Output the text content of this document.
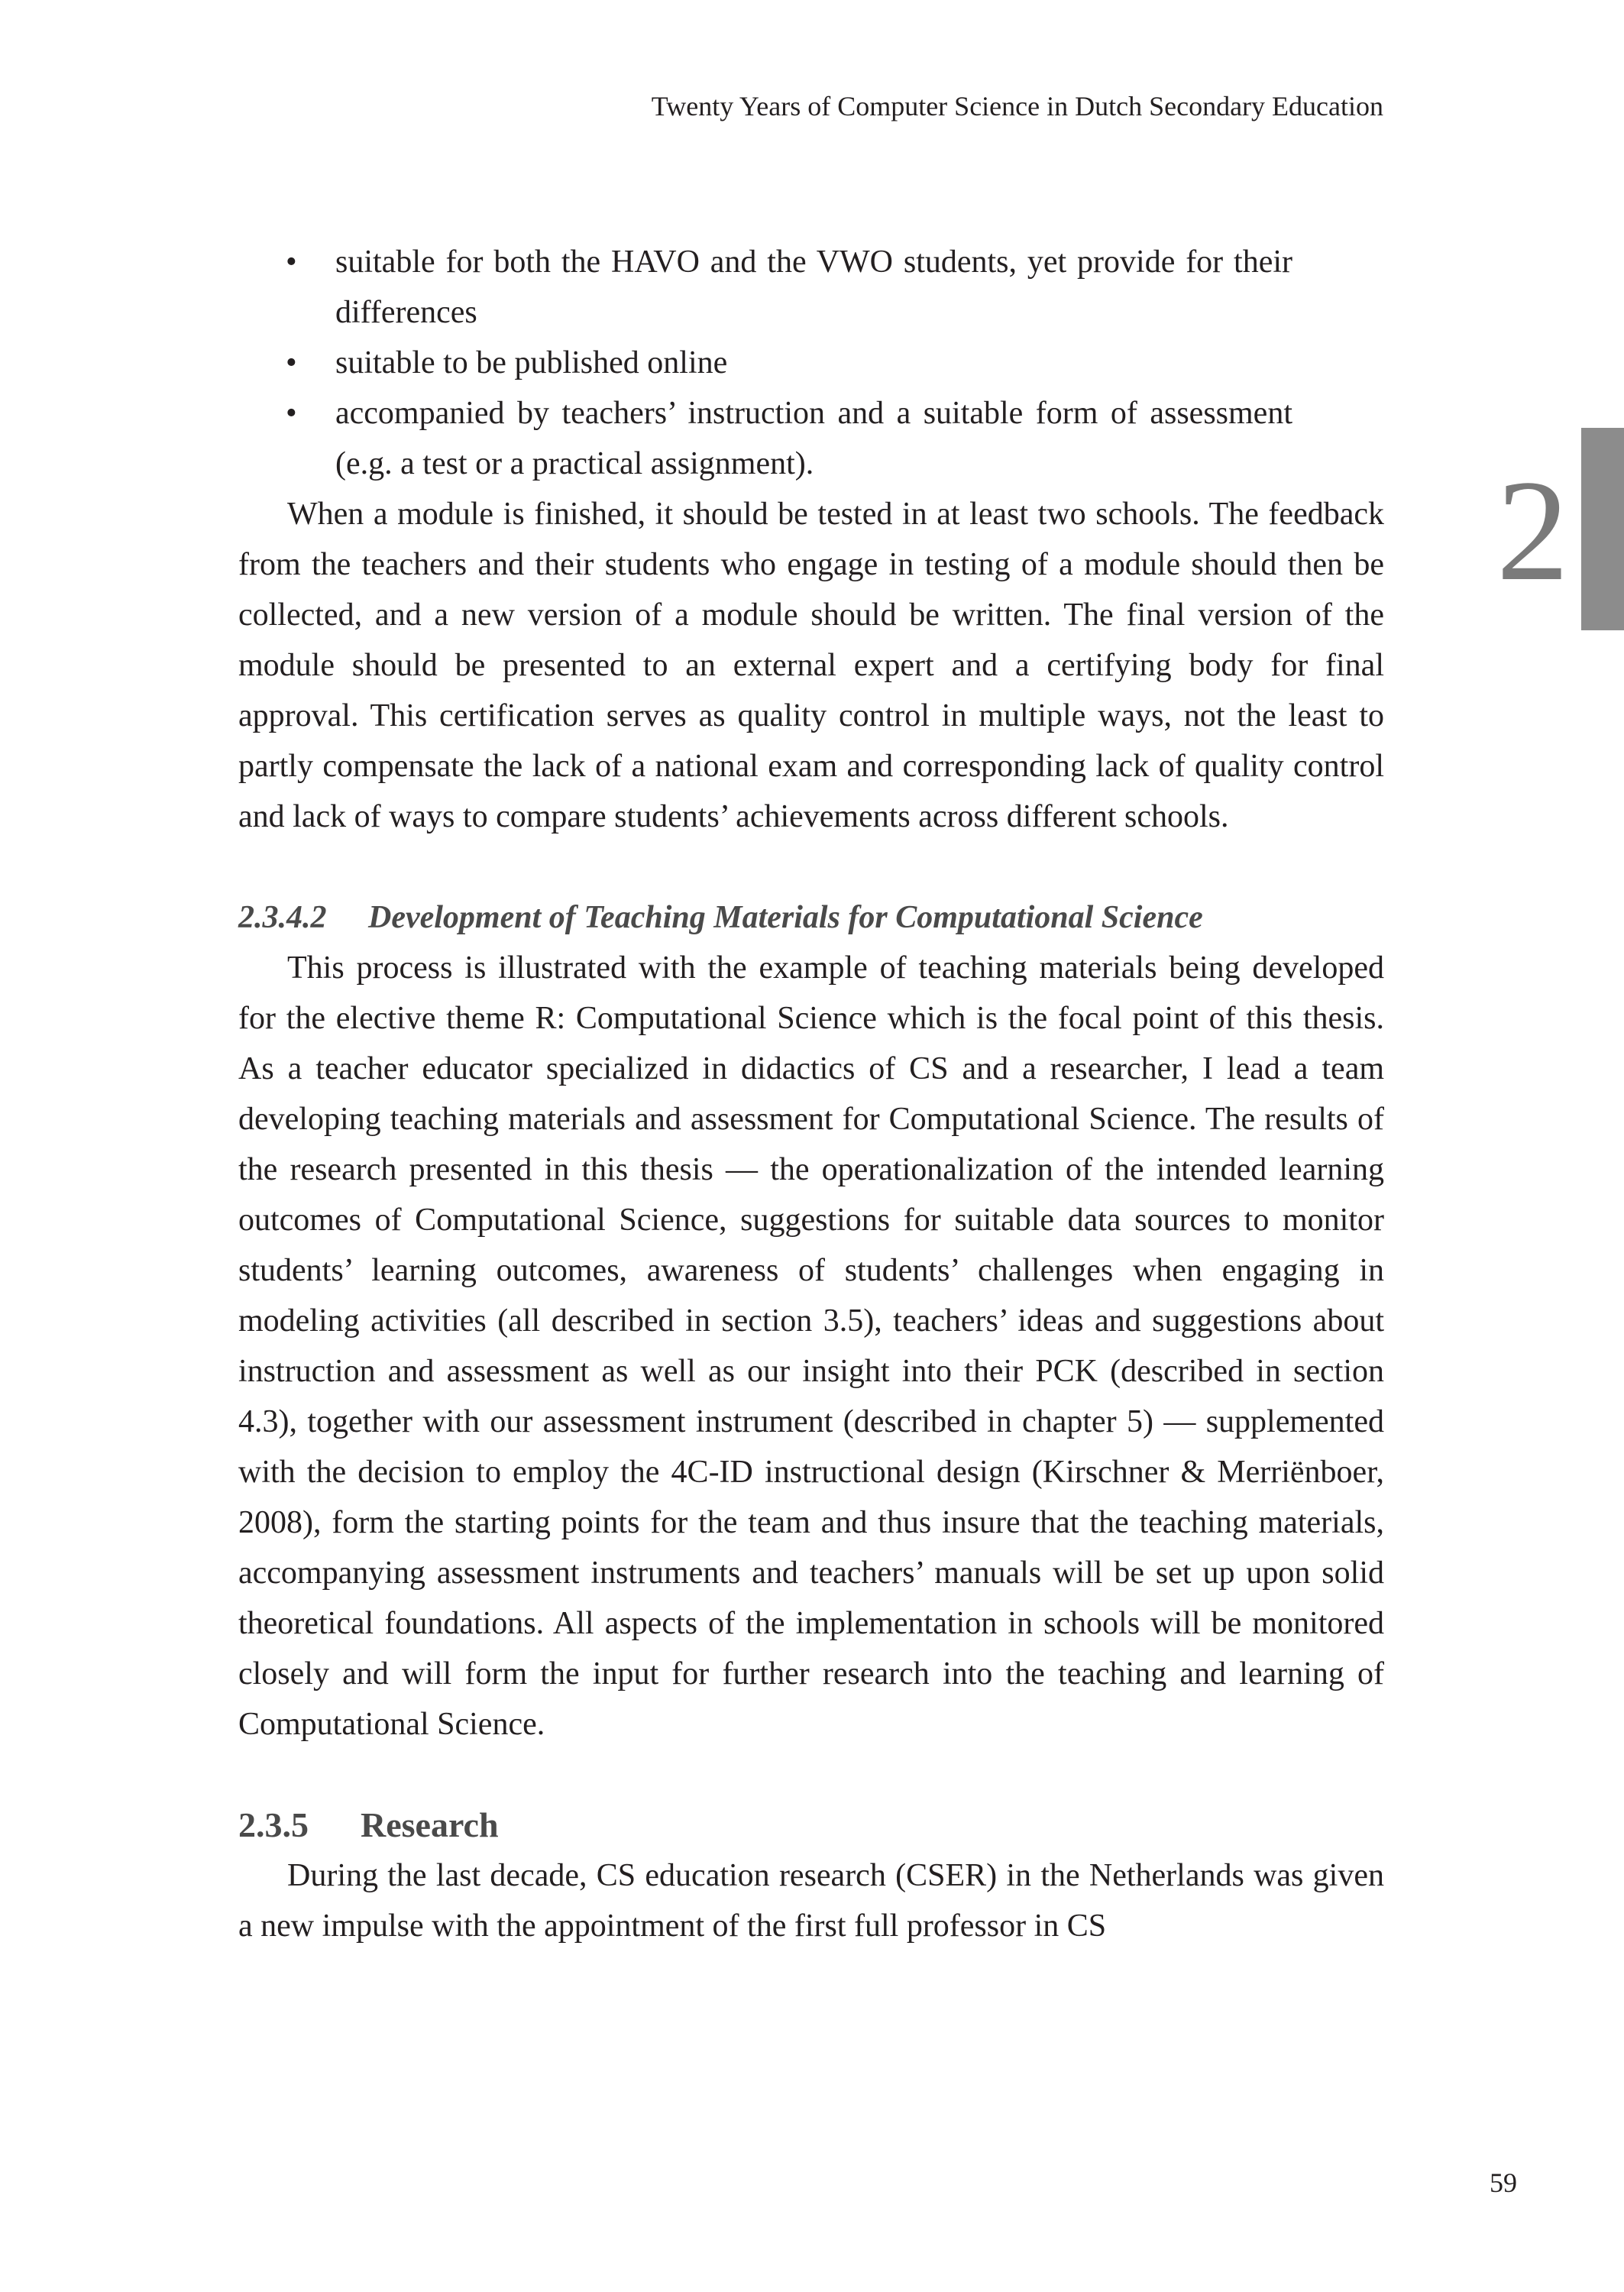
Twenty Years of Computer Science in Dutch Secondary Education
2
• suitable for both the HAVO and the VWO students, yet provide for their differences
• suitable to be published online
• accompanied by teachers’ instruction and a suitable form of assessment (e.g. a test or a practical assignment).

When a module is finished, it should be tested in at least two schools. The feedback from the teachers and their students who engage in testing of a module should then be collected, and a new version of a module should be written. The final version of the module should be presented to an external expert and a certifying body for final approval. This certification serves as quality control in multiple ways, not the least to partly compensate the lack of a national exam and corresponding lack of quality control and lack of ways to compare students’ achievements across different schools.

2.3.4.2 Development of Teaching Materials for Computational Science

This process is illustrated with the example of teaching materials being developed for the elective theme R: Computational Science which is the focal point of this thesis. As a teacher educator specialized in didactics of CS and a researcher, I lead a team developing teaching materials and assessment for Computational Science. The results of the research presented in this thesis — the operationalization of the intended learning outcomes of Computational Science, suggestions for suitable data sources to monitor students’ learning outcomes, awareness of students’ challenges when engaging in modeling activities (all described in section 3.5), teachers’ ideas and suggestions about instruction and assessment as well as our insight into their PCK (described in section 4.3), together with our assessment instrument (described in chapter 5) — supplemented with the decision to employ the 4C-ID instructional design (Kirschner & Merriënboer, 2008), form the starting points for the team and thus insure that the teaching materials, accompanying assessment instruments and teachers’ manuals will be set up upon solid theoretical foundations. All aspects of the implementation in schools will be monitored closely and will form the input for further research into the teaching and learning of Computational Science.

2.3.5 Research

During the last decade, CS education research (CSER) in the Netherlands was given a new impulse with the appointment of the first full professor in CS

59
